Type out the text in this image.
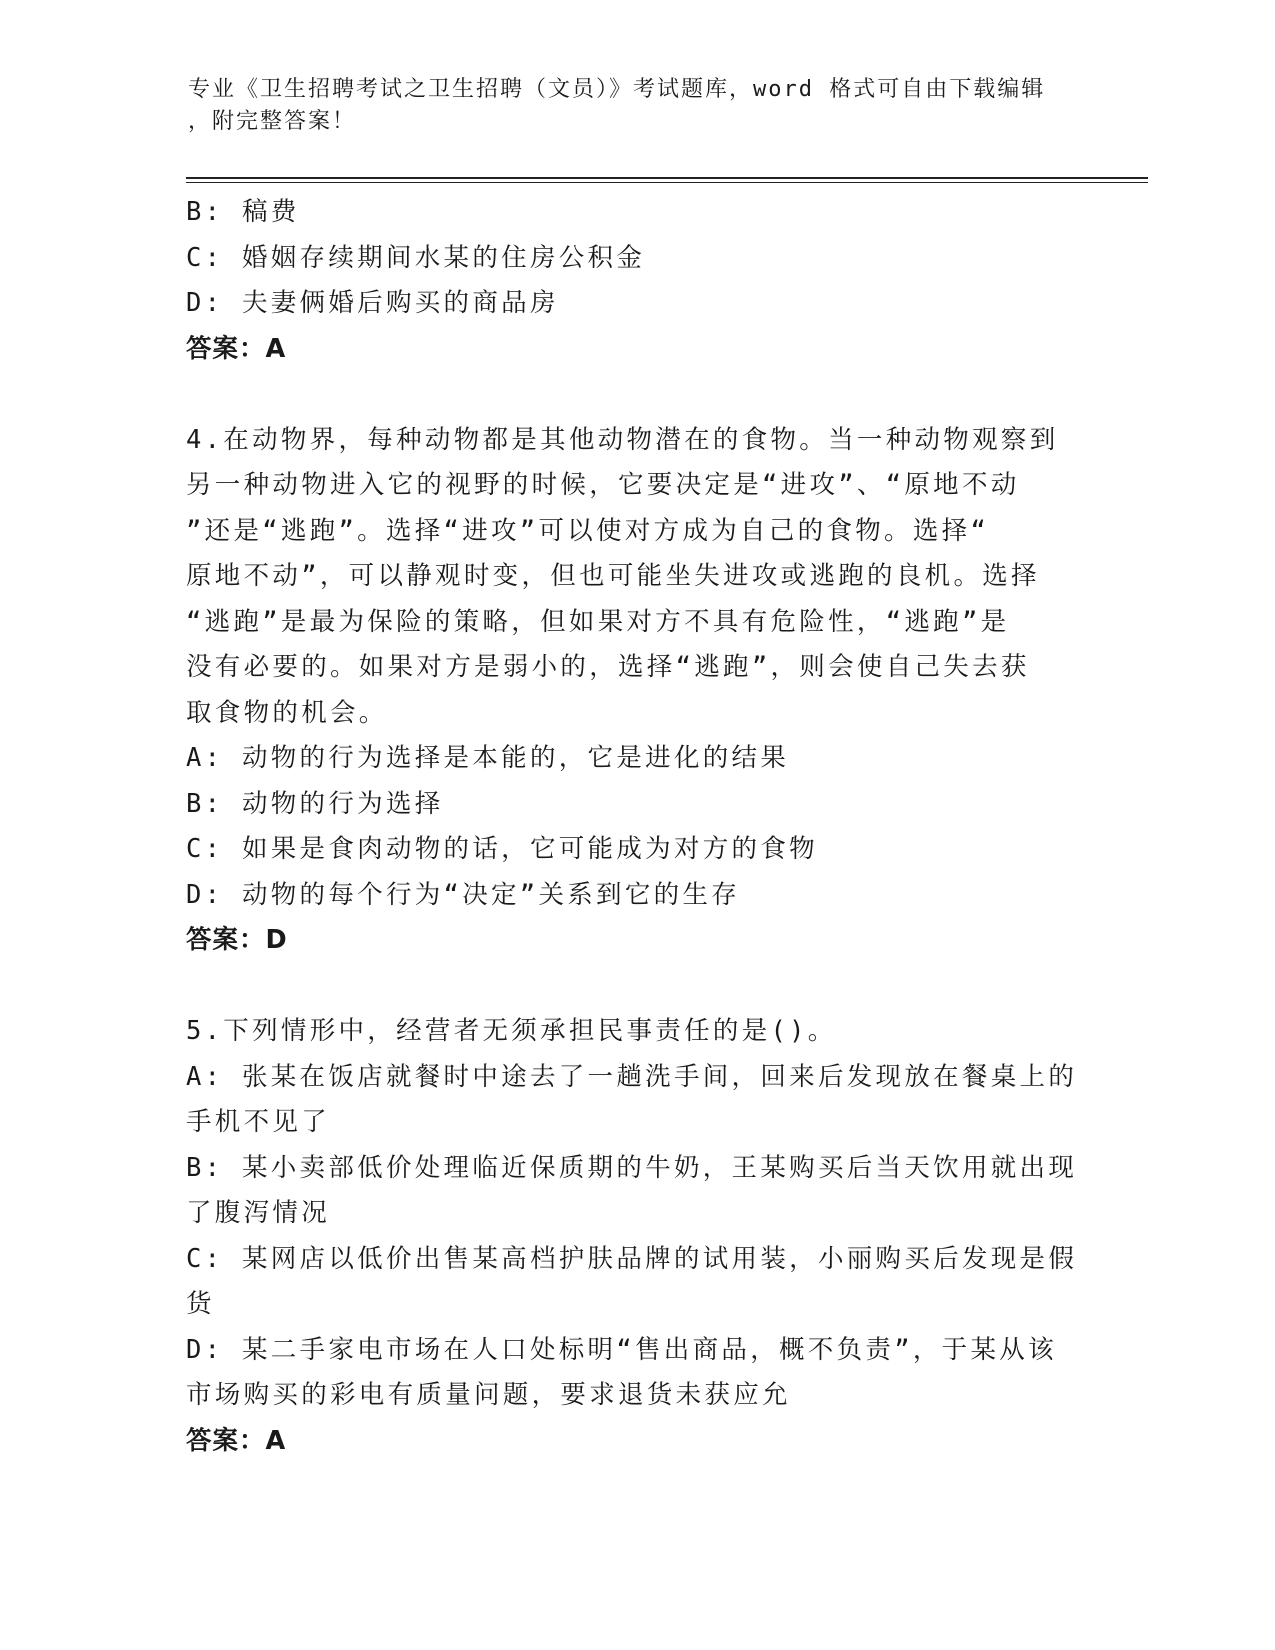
专业《卫生招聘考试之卫生招聘（文员）》考试题库，word 格式可自由下载编辑
，附完整答案！
B: 稿费
C: 婚姻存续期间水某的住房公积金
D: 夫妻俩婚后购买的商品房
答案：A
4.在动物界，每种动物都是其他动物潜在的食物。当一种动物观察到
另一种动物进入它的视野的时候，它要决定是“进攻”、“原地不动
”还是“逃跑”。选择“进攻”可以使对方成为自己的食物。选择“
原地不动”，可以静观时变，但也可能坐失进攻或逃跑的良机。选择
“逃跑”是最为保险的策略，但如果对方不具有危险性，“逃跑”是
没有必要的。如果对方是弱小的，选择“逃跑”，则会使自己失去获
取食物的机会。
A: 动物的行为选择是本能的，它是进化的结果
B: 动物的行为选择
C: 如果是食肉动物的话，它可能成为对方的食物
D: 动物的每个行为“决定”关系到它的生存
答案：D
5.下列情形中，经营者无须承担民事责任的是()。
A: 张某在饭店就餐时中途去了一趟洗手间，回来后发现放在餐桌上的
手机不见了
B: 某小卖部低价处理临近保质期的牛奶，王某购买后当天饮用就出现
了腹泻情况
C: 某网店以低价出售某高档护肤品牌的试用装，小丽购买后发现是假
货
D: 某二手家电市场在人口处标明“售出商品，概不负责”，于某从该
市场购买的彩电有质量问题，要求退货未获应允
答案：A
